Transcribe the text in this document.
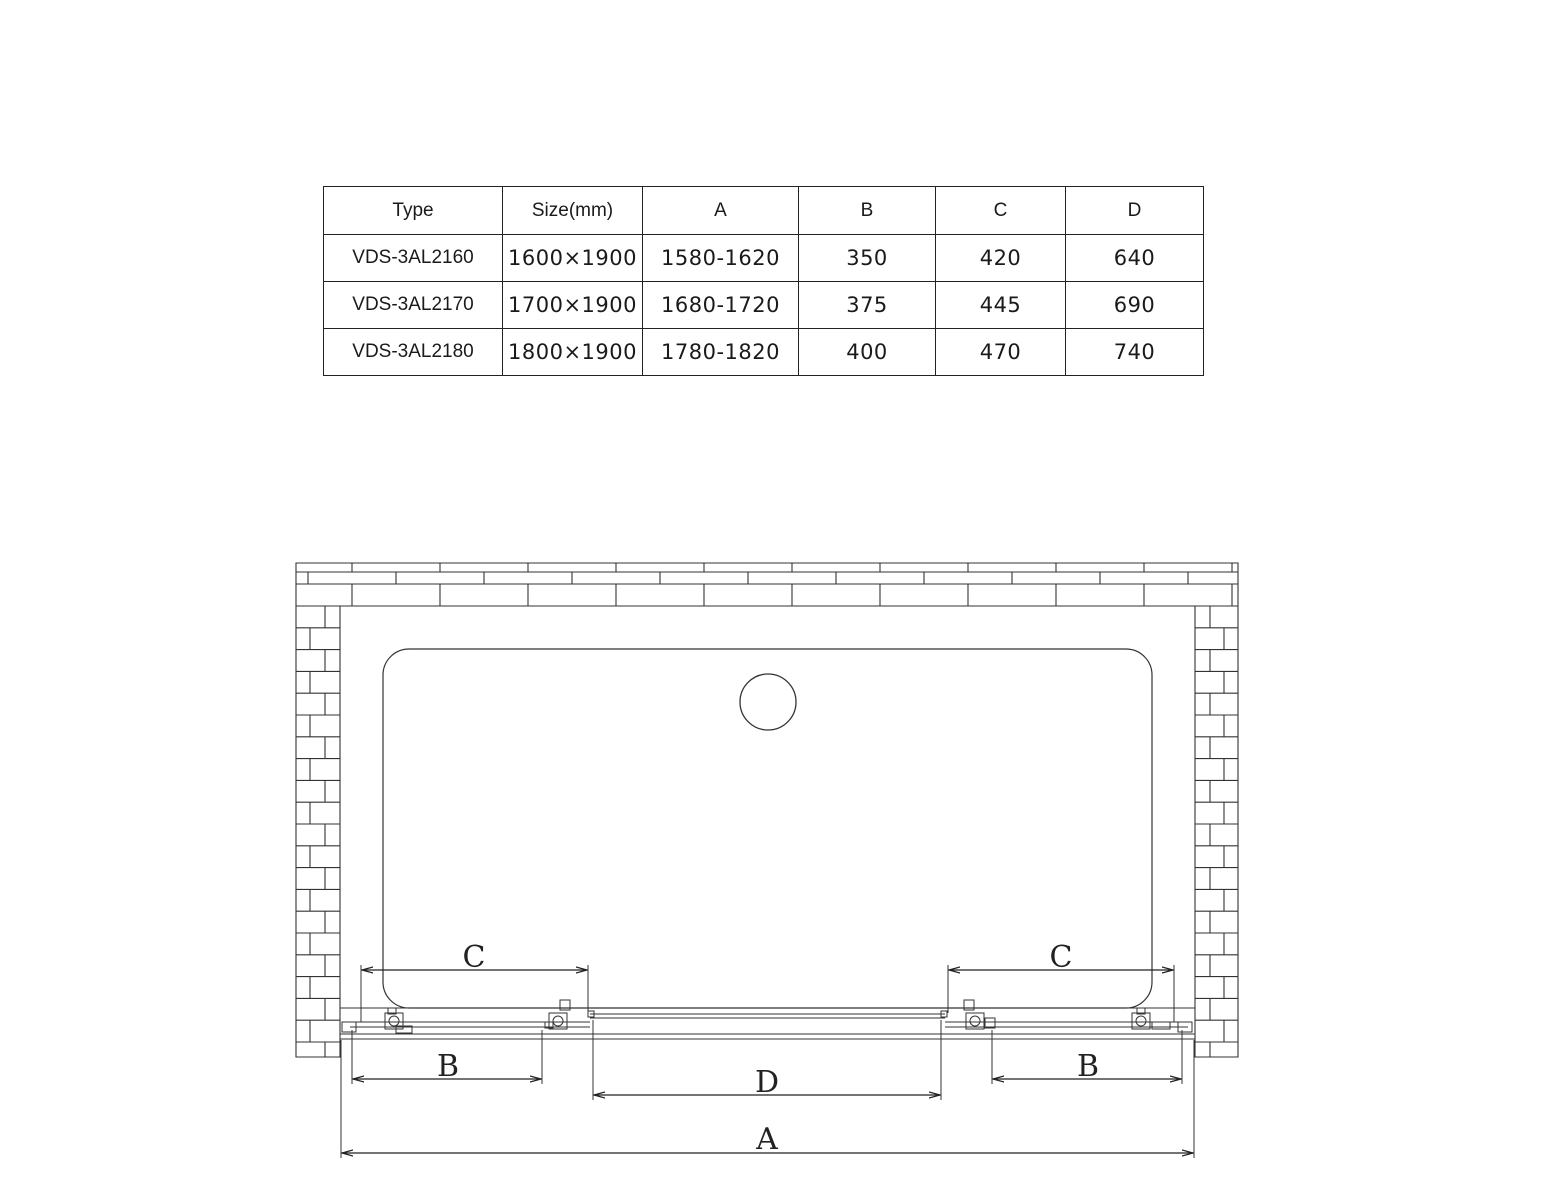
Type	Size(mm)	A	B	C	D
VDS-3AL2160	1600×1900	1580-1620	350	420	640
VDS-3AL2170	1700×1900	1680-1720	375	445	690
VDS-3AL2180	1800×1900	1780-1820	400	470	740
C	C
B	D	B
A
